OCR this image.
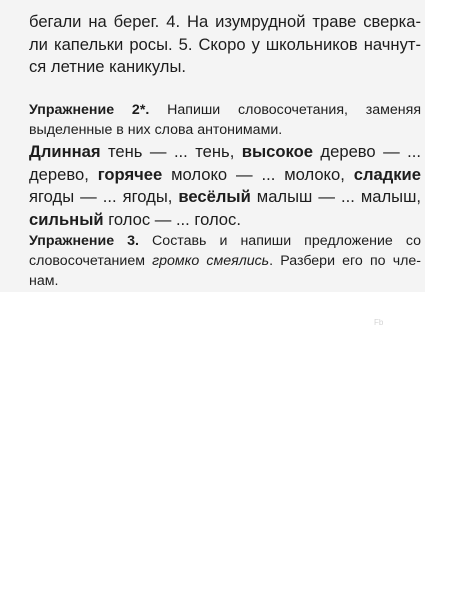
бегали на берег. 4. На изумрудной траве сверка-
ли капельки росы. 5. Скоро у школьников начнут-
ся летние каникулы.

Упражнение 2*. Напиши словосочетания, заменяя
выделенные в них слова антонимами.

Длинная тень — ... тень, высокое дерево — ...
дерево, горячее молоко — ... молоко, сладкие
ягоды — ... ягоды, весёлый малыш — ... малыш,
сильный голос — ... голос.

Упражнение 3. Составь и напиши предложение со
словосочетанием громко смеялись. Разбери его по чле-
нам.

Fb
